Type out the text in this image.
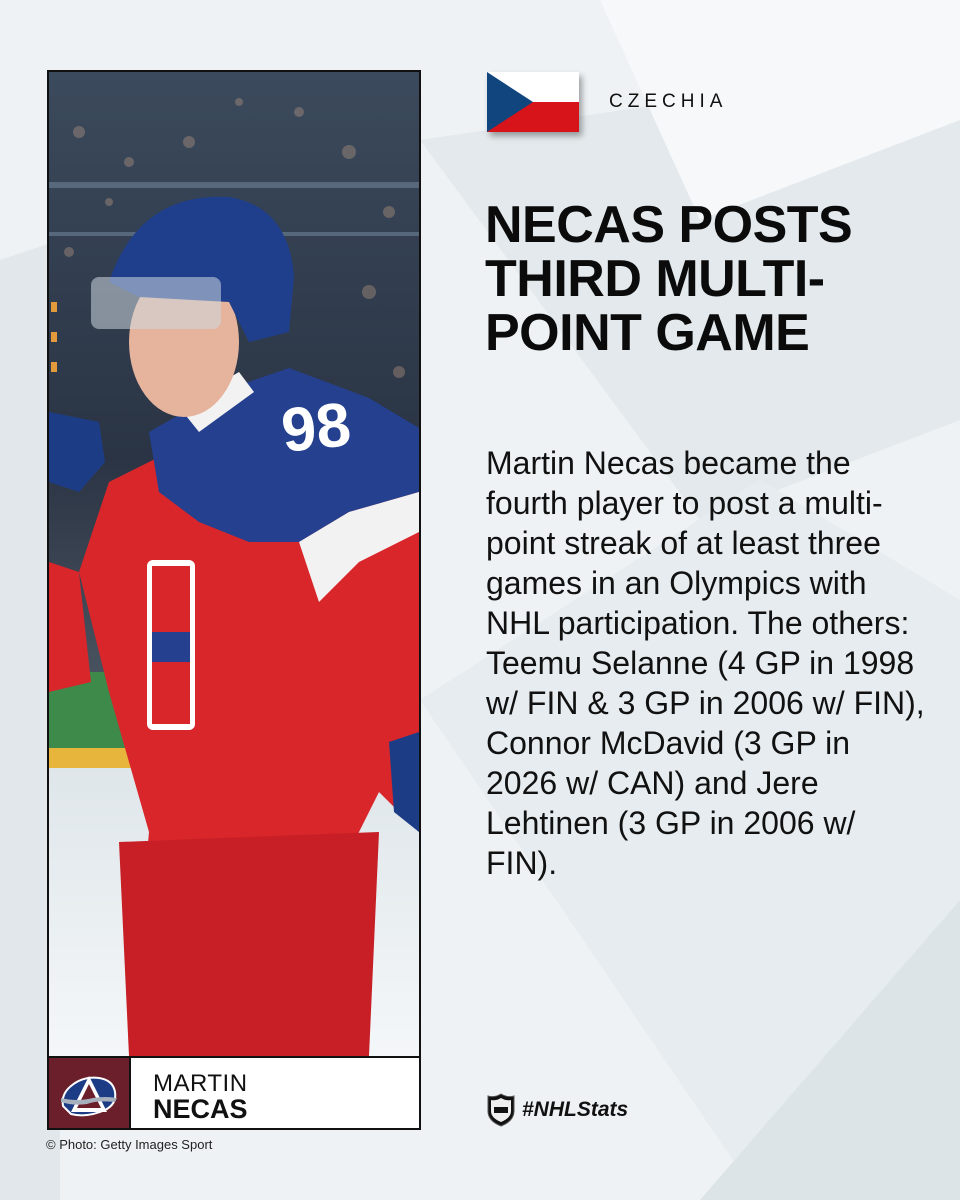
98
MARTIN
NECAS
© Photo: Getty Images Sport
CZECHIA
NECAS POSTS THIRD MULTI-POINT GAME
Martin Necas became the fourth player to post a multi-point streak of at least three games in an Olympics with NHL participation. The others: Teemu Selanne (4 GP in 1998 w/ FIN & 3 GP in 2006 w/ FIN), Connor McDavid (3 GP in 2026 w/ CAN) and Jere Lehtinen (3 GP in 2006 w/ FIN).
#NHLStats
